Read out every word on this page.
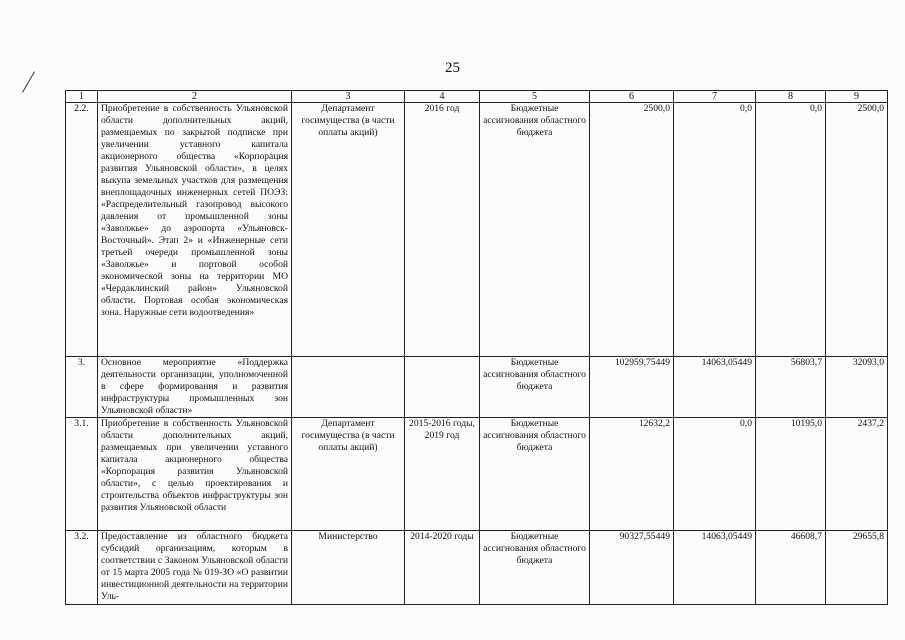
25
1	2	3	4	5	6	7	8	9
2.2.	Приобретение в собственность Ульяновской области дополнительных акций, размещаемых по закрытой подписке при увеличении уставного капитала акционерного общества «Корпорация развития Ульяновской области», в целях выкупа земельных участков для размещения внеплощадочных инженерных сетей ПОЭЗ: «Распределительный газопровод высокого давления от промышленной зоны «Заволжье» до аэропорта «Ульяновск-Восточный». Этап 2» и «Инженерные сети третьей очереди промышленной зоны «Заволжье» и портовой особой экономической зоны на территории МО «Чердаклинский район» Ульяновской области. Портовая особая экономическая зона. Наружные сети водоотведения»	Департамент госимущества (в части оплаты акций)	2016 год	Бюджетные ассигнования областного бюджета	2500,0	0,0	0,0	2500,0
3.	Основное мероприятие «Поддержка деятельности организации, уполномоченной в сфере формирования и развития инфраструктуры промышленных зон Ульяновской области»			Бюджетные ассигнования областного бюджета	102959,75449	14063,05449	56803,7	32093,0
3.1.	Приобретение в собственность Ульяновской области дополнительных акций, размещаемых при увеличении уставного капитала акционерного общества «Корпорация развития Ульяновской области», с целью проектирования и строительства объектов инфраструктуры зон развития Ульяновской области	Департамент госимущества (в части оплаты акций)	2015-2016 годы, 2019 год	Бюджетные ассигнования областного бюджета	12632,2	0,0	10195,0	2437,2
3.2.	Предоставление из областного бюджета субсидий организациям, которым в соответствии с Законом Ульяновской области от 15 марта 2005 года № 019-ЗО «О развитии инвестиционной деятельности на территории Уль-	Министерство	2014-2020 годы	Бюджетные ассигнования областного бюджета	90327,55449	14063,05449	46608,7	29655,8
